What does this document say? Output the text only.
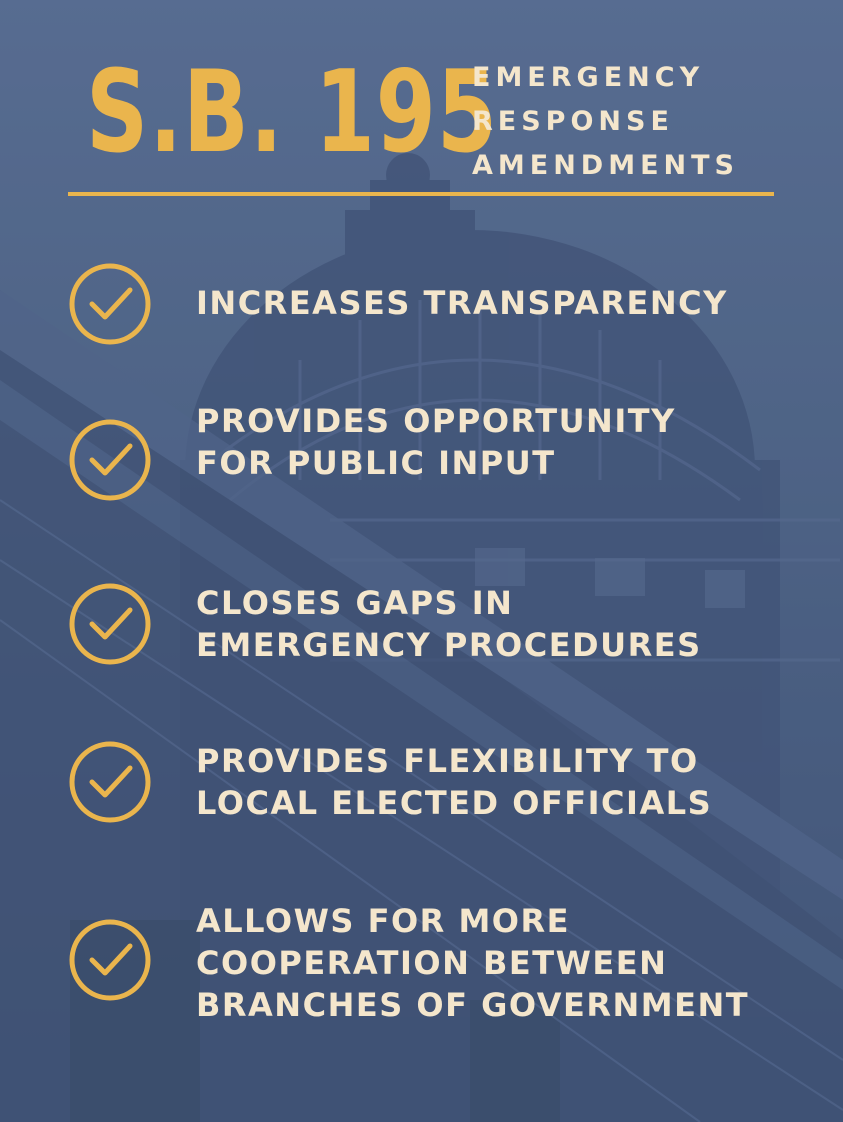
S.B. 195
EMERGENCY
RESPONSE
AMENDMENTS
INCREASES TRANSPARENCY
PROVIDES OPPORTUNITY
FOR PUBLIC INPUT
CLOSES GAPS IN
EMERGENCY PROCEDURES
PROVIDES FLEXIBILITY TO
LOCAL ELECTED OFFICIALS
ALLOWS FOR MORE
COOPERATION BETWEEN
BRANCHES OF GOVERNMENT
